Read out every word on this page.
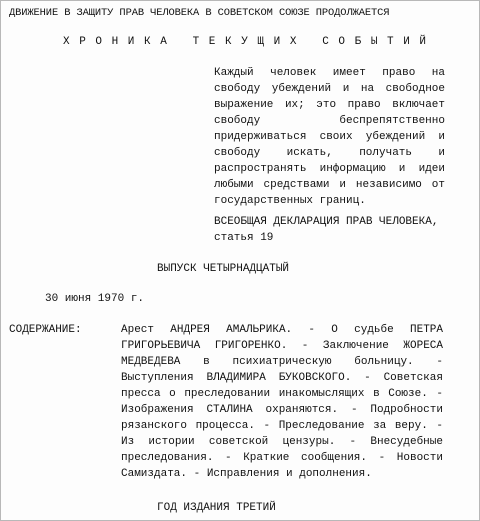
ДВИЖЕНИЕ В ЗАЩИТУ ПРАВ ЧЕЛОВЕКА В СОВЕТСКОМ СОЮЗЕ ПРОДОЛЖАЕТСЯ
ХРОНИКА ТЕКУЩИХ СОБЫТИЙ

Каждый человек имеет право на свободу убеждений и на свободное выражение их; это право включает свободу беспрепятственно придерживаться своих убеждений и свободу искать, получать и распространять информацию и идеи любыми средствами и независимо от государственных границ.

ВСЕОБЩАЯ ДЕКЛАРАЦИЯ ПРАВ ЧЕЛОВЕКА,
статья 19
ВЫПУСК ЧЕТЫРНАДЦАТЫЙ
30 июня 1970 г.
СОДЕРЖАНИЕ:	Арест АНДРЕЯ АМАЛЬРИКА. - О судьбе ПЕТРА ГРИГОРЬЕВИЧА ГРИГОРЕНКО. - Заключение ЖОРЕСА МЕДВЕДЕВА в психиатрическую больницу. - Выступления ВЛАДИМИРА БУКОВСКОГО. - Советская пресса о преследовании инакомыслящих в Союзе. - Изображения СТАЛИНА охраняются. - Подробности рязанского процесса. - Преследование за веру. - Из истории советской цензуры. - Внесудебные преследования. - Краткие сообщения. - Новости Самиздата. - Исправления и дополнения.

ГОД ИЗДАНИЯ ТРЕТИЙ
